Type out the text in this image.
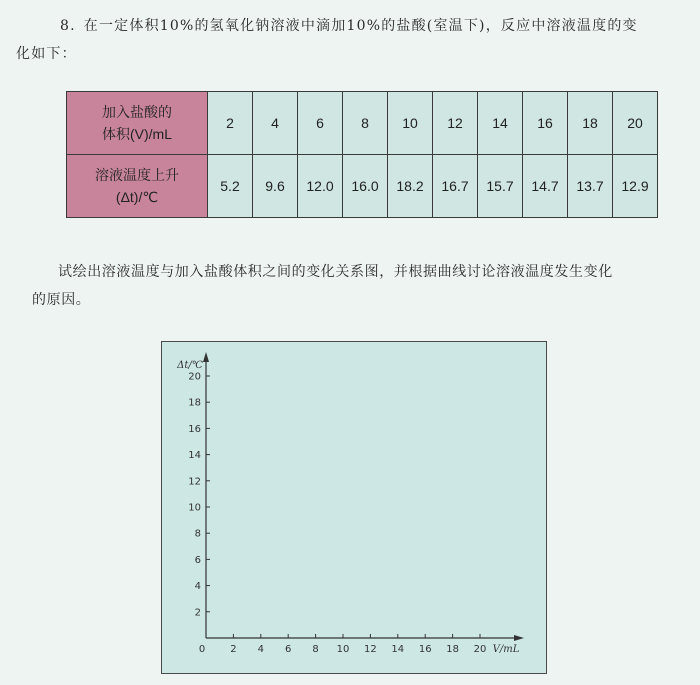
8. 在一定体积10%的氢氧化钠溶液中滴加10%的盐酸(室温下)，反应中溶液温度的变
化如下：
加入盐酸的
体积(V)/mL	2	4	6	8	10	12	14	16	18	20

溶液温度上升
(Δt)/℃	5.2	9.6	12.0	16.0	18.2	16.7	15.7	14.7	13.7	12.9
试绘出溶液温度与加入盐酸体积之间的变化关系图，并根据曲线讨论溶液温度发生变化
的原因。
0	2 4 6 8 10 12 14 16 18 20
2
4
6
8
10
12
14
16
18
20
Δt/℃
V/mL
